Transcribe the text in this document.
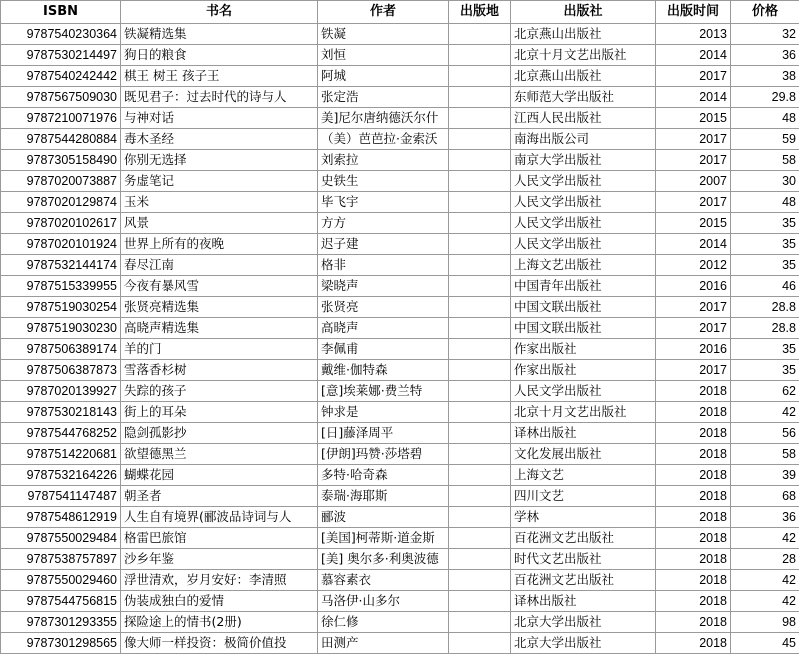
ISBN	书名	作者	出版地	出版社	出版时间	价格
9787540230364	铁凝精选集	铁凝		北京燕山出版社	2013	32
9787530214497	狗日的粮食	刘恒		北京十月文艺出版社	2014	36
9787540242442	棋王 树王 孩子王	阿城		北京燕山出版社	2017	38
9787567509030	既见君子：过去时代的诗与人	张定浩		东师范大学出版社	2014	29.8
9787210071976	与神对话	美]尼尔唐纳德沃尔什		江西人民出版社	2015	48
9787544280884	毒木圣经	（美）芭芭拉·金索沃		南海出版公司	2017	59
9787305158490	你别无选择	刘索拉		南京大学出版社	2017	58
9787020073887	务虚笔记	史铁生		人民文学出版社	2007	30
9787020129874	玉米	毕飞宇		人民文学出版社	2017	48
9787020102617	风景	方方		人民文学出版社	2015	35
9787020101924	世界上所有的夜晚	迟子建		人民文学出版社	2014	35
9787532144174	春尽江南	格非		上海文艺出版社	2012	35
9787515339955	今夜有暴风雪	梁晓声		中国青年出版社	2016	46
9787519030254	张贤亮精选集	张贤亮		中国文联出版社	2017	28.8
9787519030230	高晓声精选集	高晓声		中国文联出版社	2017	28.8
9787506389174	羊的门	李佩甫		作家出版社	2016	35
9787506387873	雪落香杉树	戴维·伽特森		作家出版社	2017	35
9787020139927	失踪的孩子	[意]埃莱娜·费兰特		人民文学出版社	2018	62
9787530218143	街上的耳朵	钟求是		北京十月文艺出版社	2018	42
9787544768252	隐剑孤影抄	[日]藤泽周平		译林出版社	2018	56
9787514220681	欲望德黑兰	[伊朗]玛赞·莎塔碧		文化发展出版社	2018	58
9787532164226	蝴蝶花园	多特·哈奇森		上海文艺	2018	39
9787541147487	朝圣者	泰瑞·海耶斯		四川文艺	2018	68
9787548612919	人生自有境界(郦波品诗词与人	郦波		学林	2018	36
9787550029484	格雷巴旅馆	[美国]柯蒂斯·道金斯		百花洲文艺出版社	2018	42
9787538757897	沙乡年鉴	[美] 奥尔多·利奥波德		时代文艺出版社	2018	28
9787550029460	浮世清欢，岁月安好：李清照	慕容素衣		百花洲文艺出版社	2018	42
9787544756815	伪装成独白的爱情	马洛伊·山多尔		译林出版社	2018	42
9787301293355	探险途上的情书(2册)	徐仁修		北京大学出版社	2018	98
9787301298565	像大师一样投资：极简价值投	田测产		北京大学出版社	2018	45
